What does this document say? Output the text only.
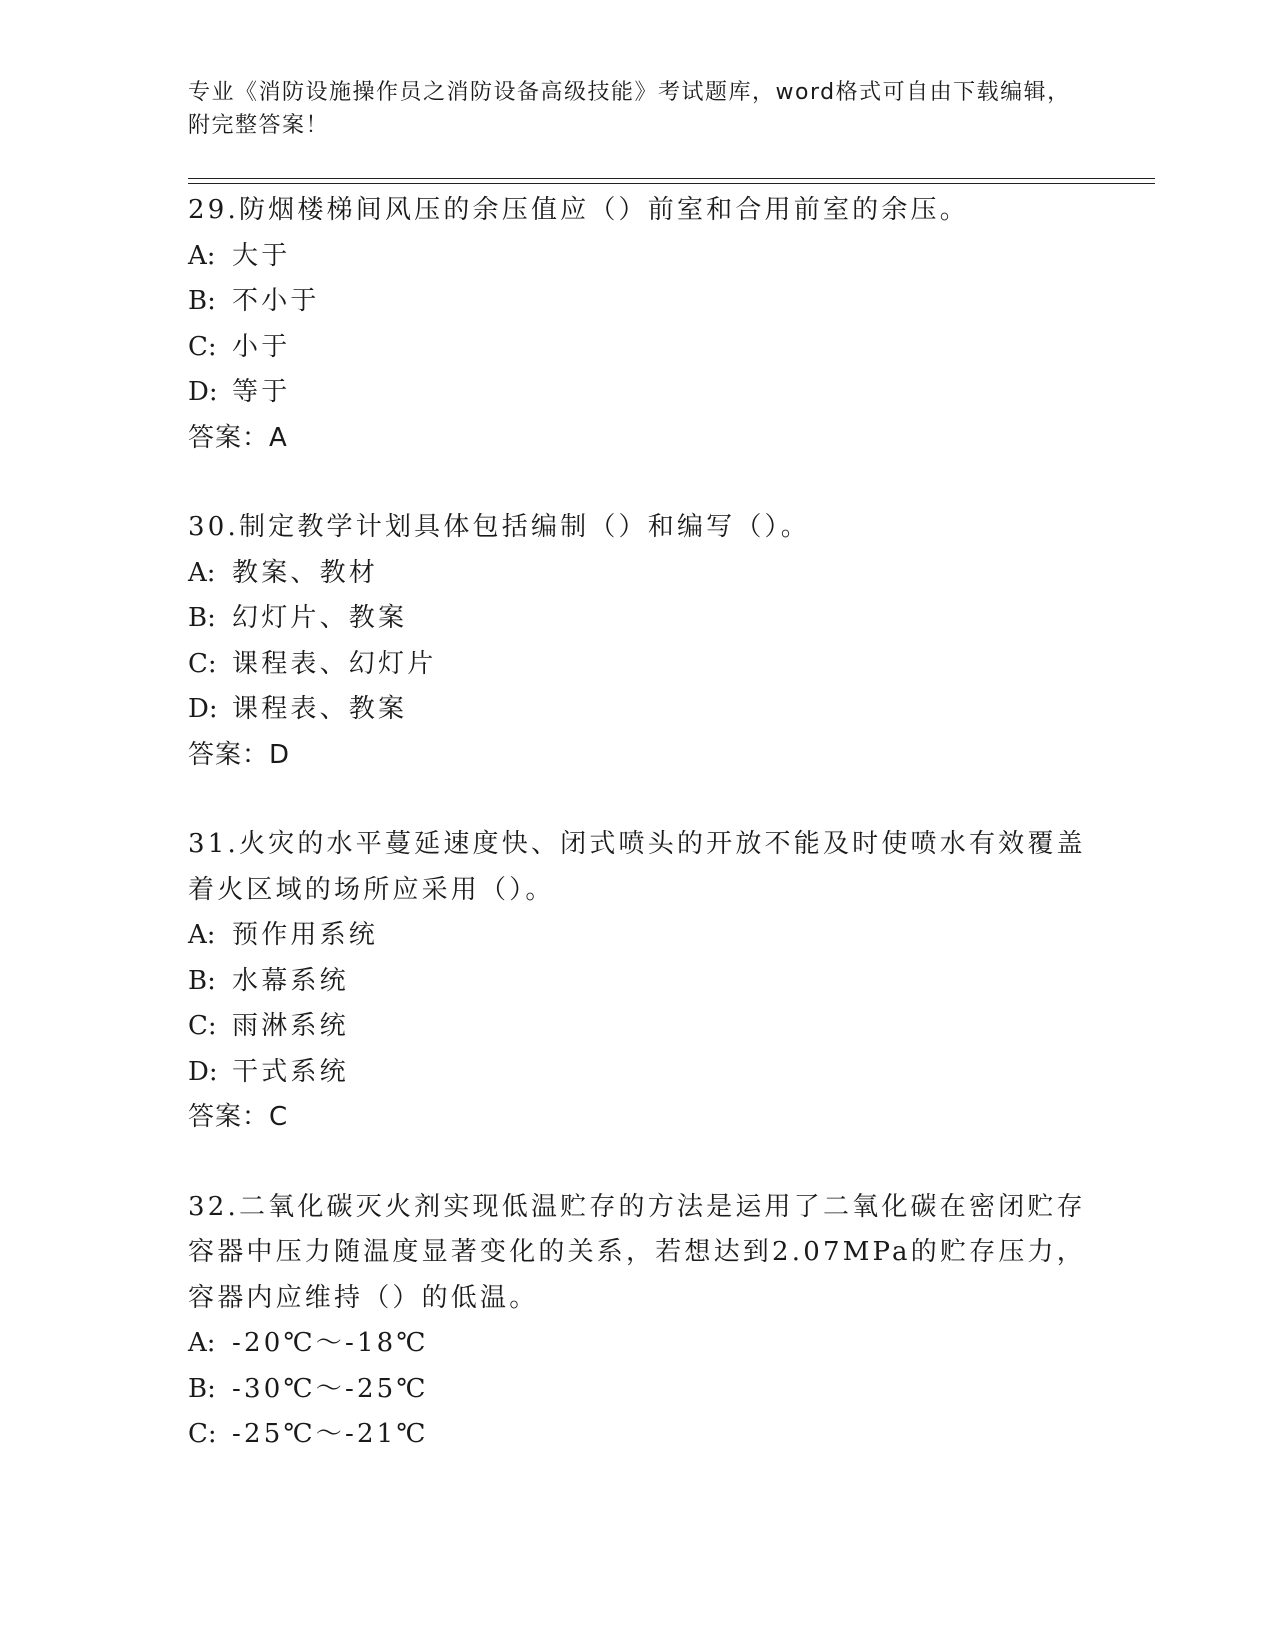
专业《消防设施操作员之消防设备高级技能》考试题库，word格式可自由下载编辑，附完整答案！
29.防烟楼梯间风压的余压值应（）前室和合用前室的余压。
A: 大于
B: 不小于
C: 小于
D: 等于
答案：A
30.制定教学计划具体包括编制（）和编写（）。
A: 教案、教材
B: 幻灯片、教案
C: 课程表、幻灯片
D: 课程表、教案
答案：D
31.火灾的水平蔓延速度快、闭式喷头的开放不能及时使喷水有效覆盖着火区域的场所应采用（）。
A: 预作用系统
B: 水幕系统
C: 雨淋系统
D: 干式系统
答案：C
32.二氧化碳灭火剂实现低温贮存的方法是运用了二氧化碳在密闭贮存容器中压力随温度显著变化的关系，若想达到2.07MPa的贮存压力，容器内应维持（）的低温。
A: -20℃～-18℃
B: -30℃～-25℃
C: -25℃～-21℃
